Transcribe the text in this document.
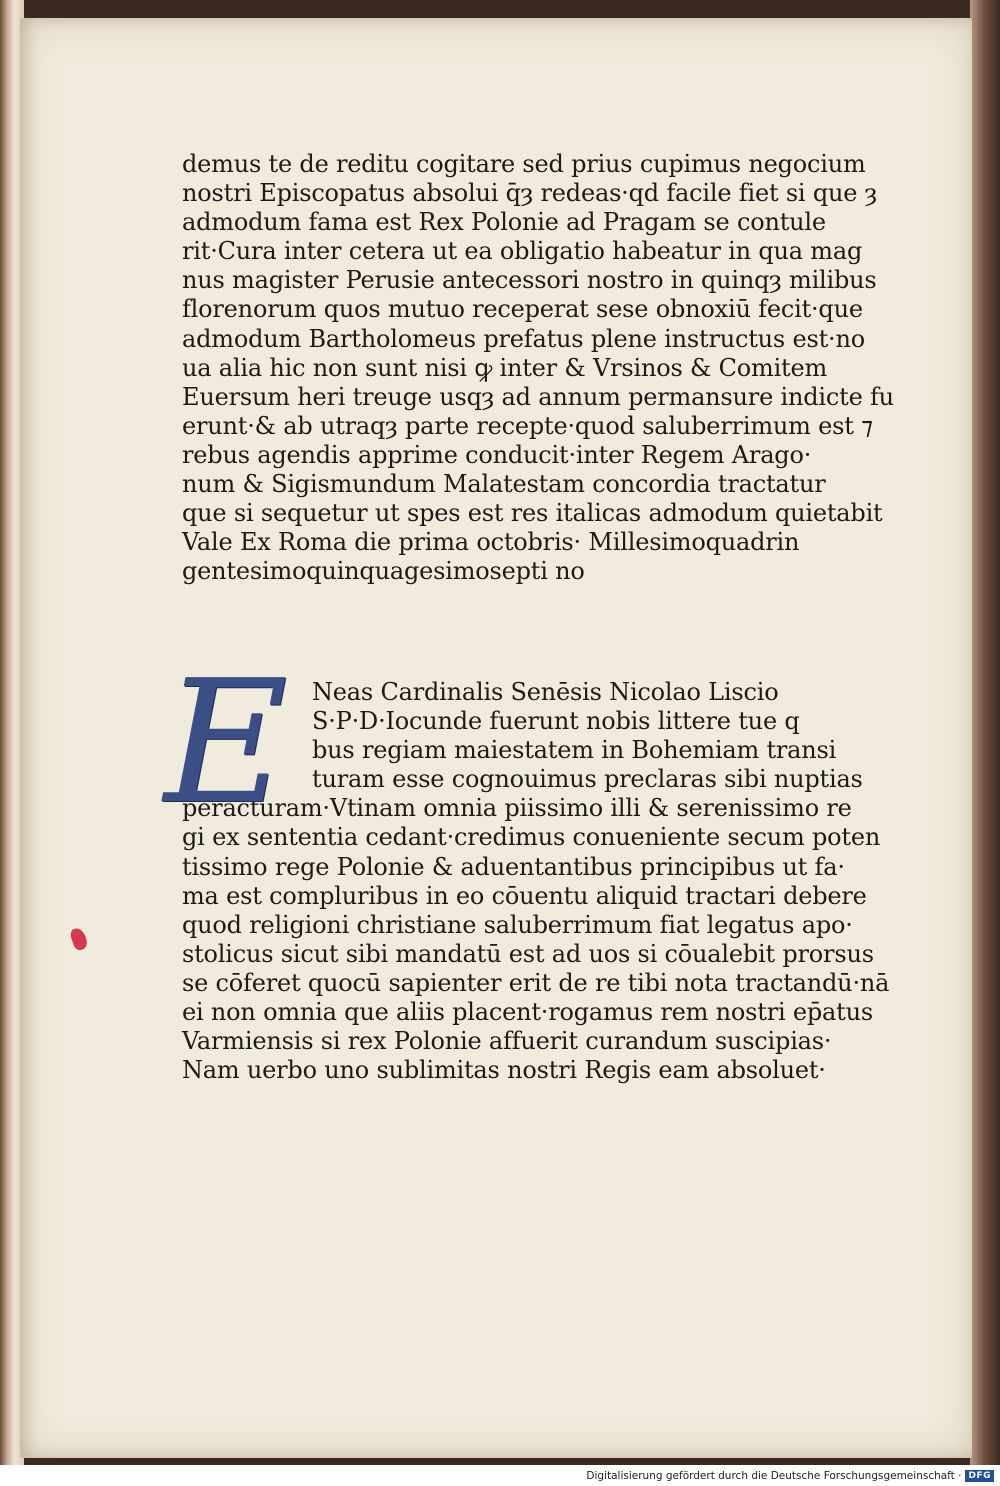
demus te de reditu cogitare sed prius cupimus negocium
nostri Episcopatus absolui q̄ȝ redeas·qd facile fiet si que ȝ
admodum fama est Rex Polonie ad Pragam se contule
rit·Cura inter cetera ut ea obligatio habeatur in qua mag
nus magister Perusie antecessori nostro in quinqȝ milibus
florenorum quos mutuo receperat sese obnoxiū fecit·que
admodum Bartholomeus prefatus plene instructus est·no
ua alia hic non sunt nisi ꝙ inter & Vrsinos & Comitem
Euersum heri treuge usqȝ ad annum permansure indicte fu
erunt·& ab utraqȝ parte recepte·quod saluberrimum est ⁊
rebus agendis apprime conducit·inter Regem Arago·
num & Sigismundum Malatestam concordia tractatur
que si sequetur ut spes est res italicas admodum quietabit
Vale Ex Roma die prima octobris· Millesimoquadrin
gentesimoquinquagesimosepti no
E	Neas Cardinalis Senēsis Nicolao Liscio
S·P·D·Iocunde fuerunt nobis littere tue q
bus regiam maiestatem in Bohemiam transi
turam esse cognouimus preclaras sibi nuptias
peracturam·Vtinam omnia piissimo illi & serenissimo re
gi ex sententia cedant·credimus conueniente secum poten
tissimo rege Polonie & aduentantibus principibus ut fa·
ma est compluribus in eo cōuentu aliquid tractari debere
quod religioni christiane saluberrimum fiat legatus apo·
stolicus sicut sibi mandatū est ad uos si cōualebit prorsus
se cōferet quocū sapienter erit de re tibi nota tractandū·nā
ei non omnia que aliis placent·rogamus rem nostri ep̄atus
Varmiensis si rex Polonie affuerit curandum suscipias·
Nam uerbo uno sublimitas nostri Regis eam absoluet·
Digitalisierung gefördert durch die Deutsche Forschungsgemeinschaft · DFG
